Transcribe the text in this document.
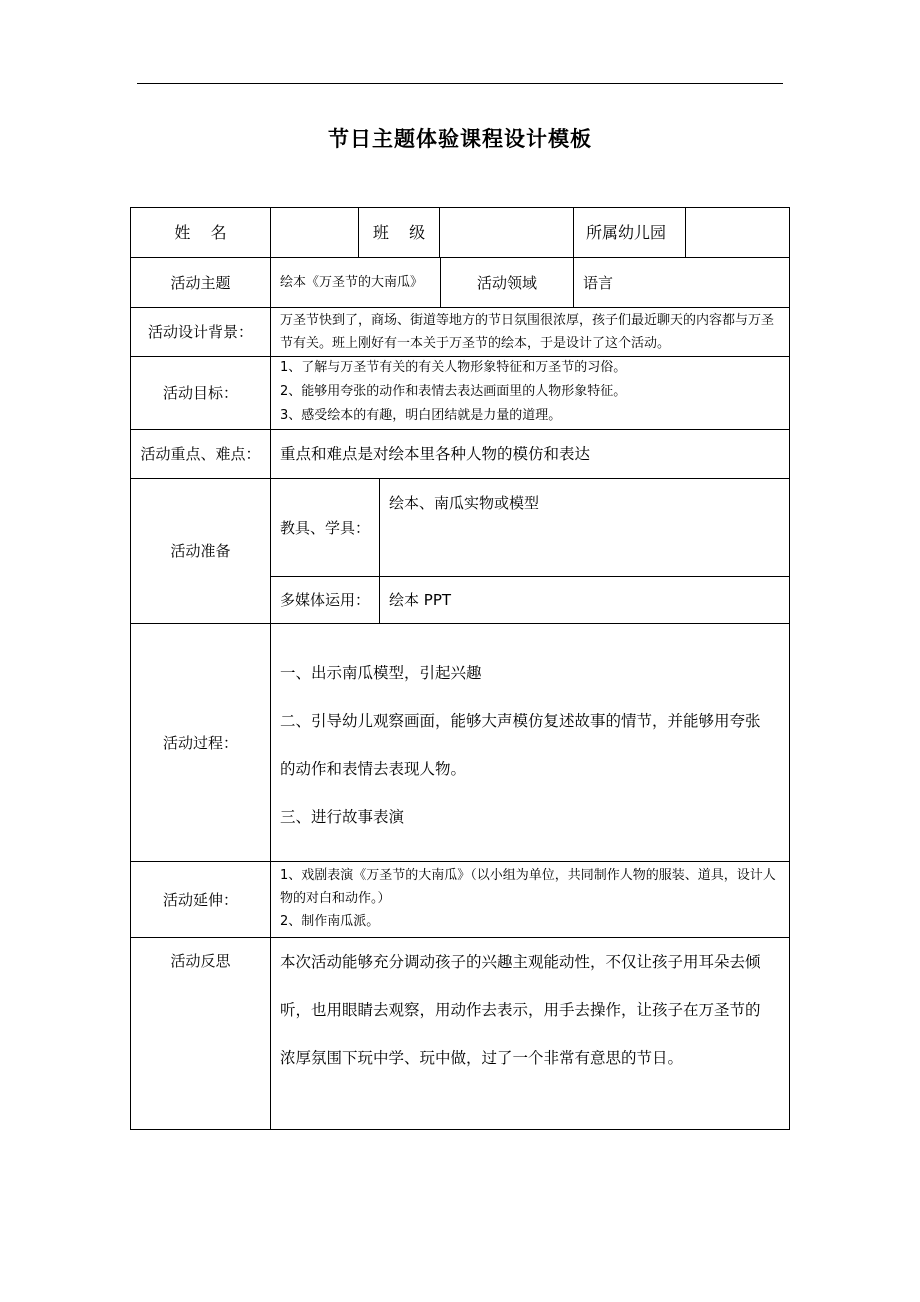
节日主题体验课程设计模板
姓    名	班    级	所属幼儿园
活动主题	绘本《万圣节的大南瓜》	活动领域	语言
活动设计背景：
万圣节快到了，商场、街道等地方的节日氛围很浓厚，孩子们最近聊天的内容都与万圣节有关。班上刚好有一本关于万圣节的绘本，于是设计了这个活动。
活动目标：
1、了解与万圣节有关的有关人物形象特征和万圣节的习俗。
2、能够用夸张的动作和表情去表达画面里的人物形象特征。
3、感受绘本的有趣，明白团结就是力量的道理。
活动重点、难点：	重点和难点是对绘本里各种人物的模仿和表达
活动准备
教具、学具：
绘本、南瓜实物或模型
多媒体运用：	绘本 PPT
活动过程：
一、出示南瓜模型，引起兴趣
二、引导幼儿观察画面，能够大声模仿复述故事的情节，并能够用夸张
的动作和表情去表现人物。
三、进行故事表演
活动延伸：
1、戏剧表演《万圣节的大南瓜》（以小组为单位，共同制作人物的服装、道具，设计人物的对白和动作。）
2、制作南瓜派。
活动反思	本次活动能够充分调动孩子的兴趣主观能动性，不仅让孩子用耳朵去倾
听，也用眼睛去观察，用动作去表示，用手去操作，让孩子在万圣节的
浓厚氛围下玩中学、玩中做，过了一个非常有意思的节日。
